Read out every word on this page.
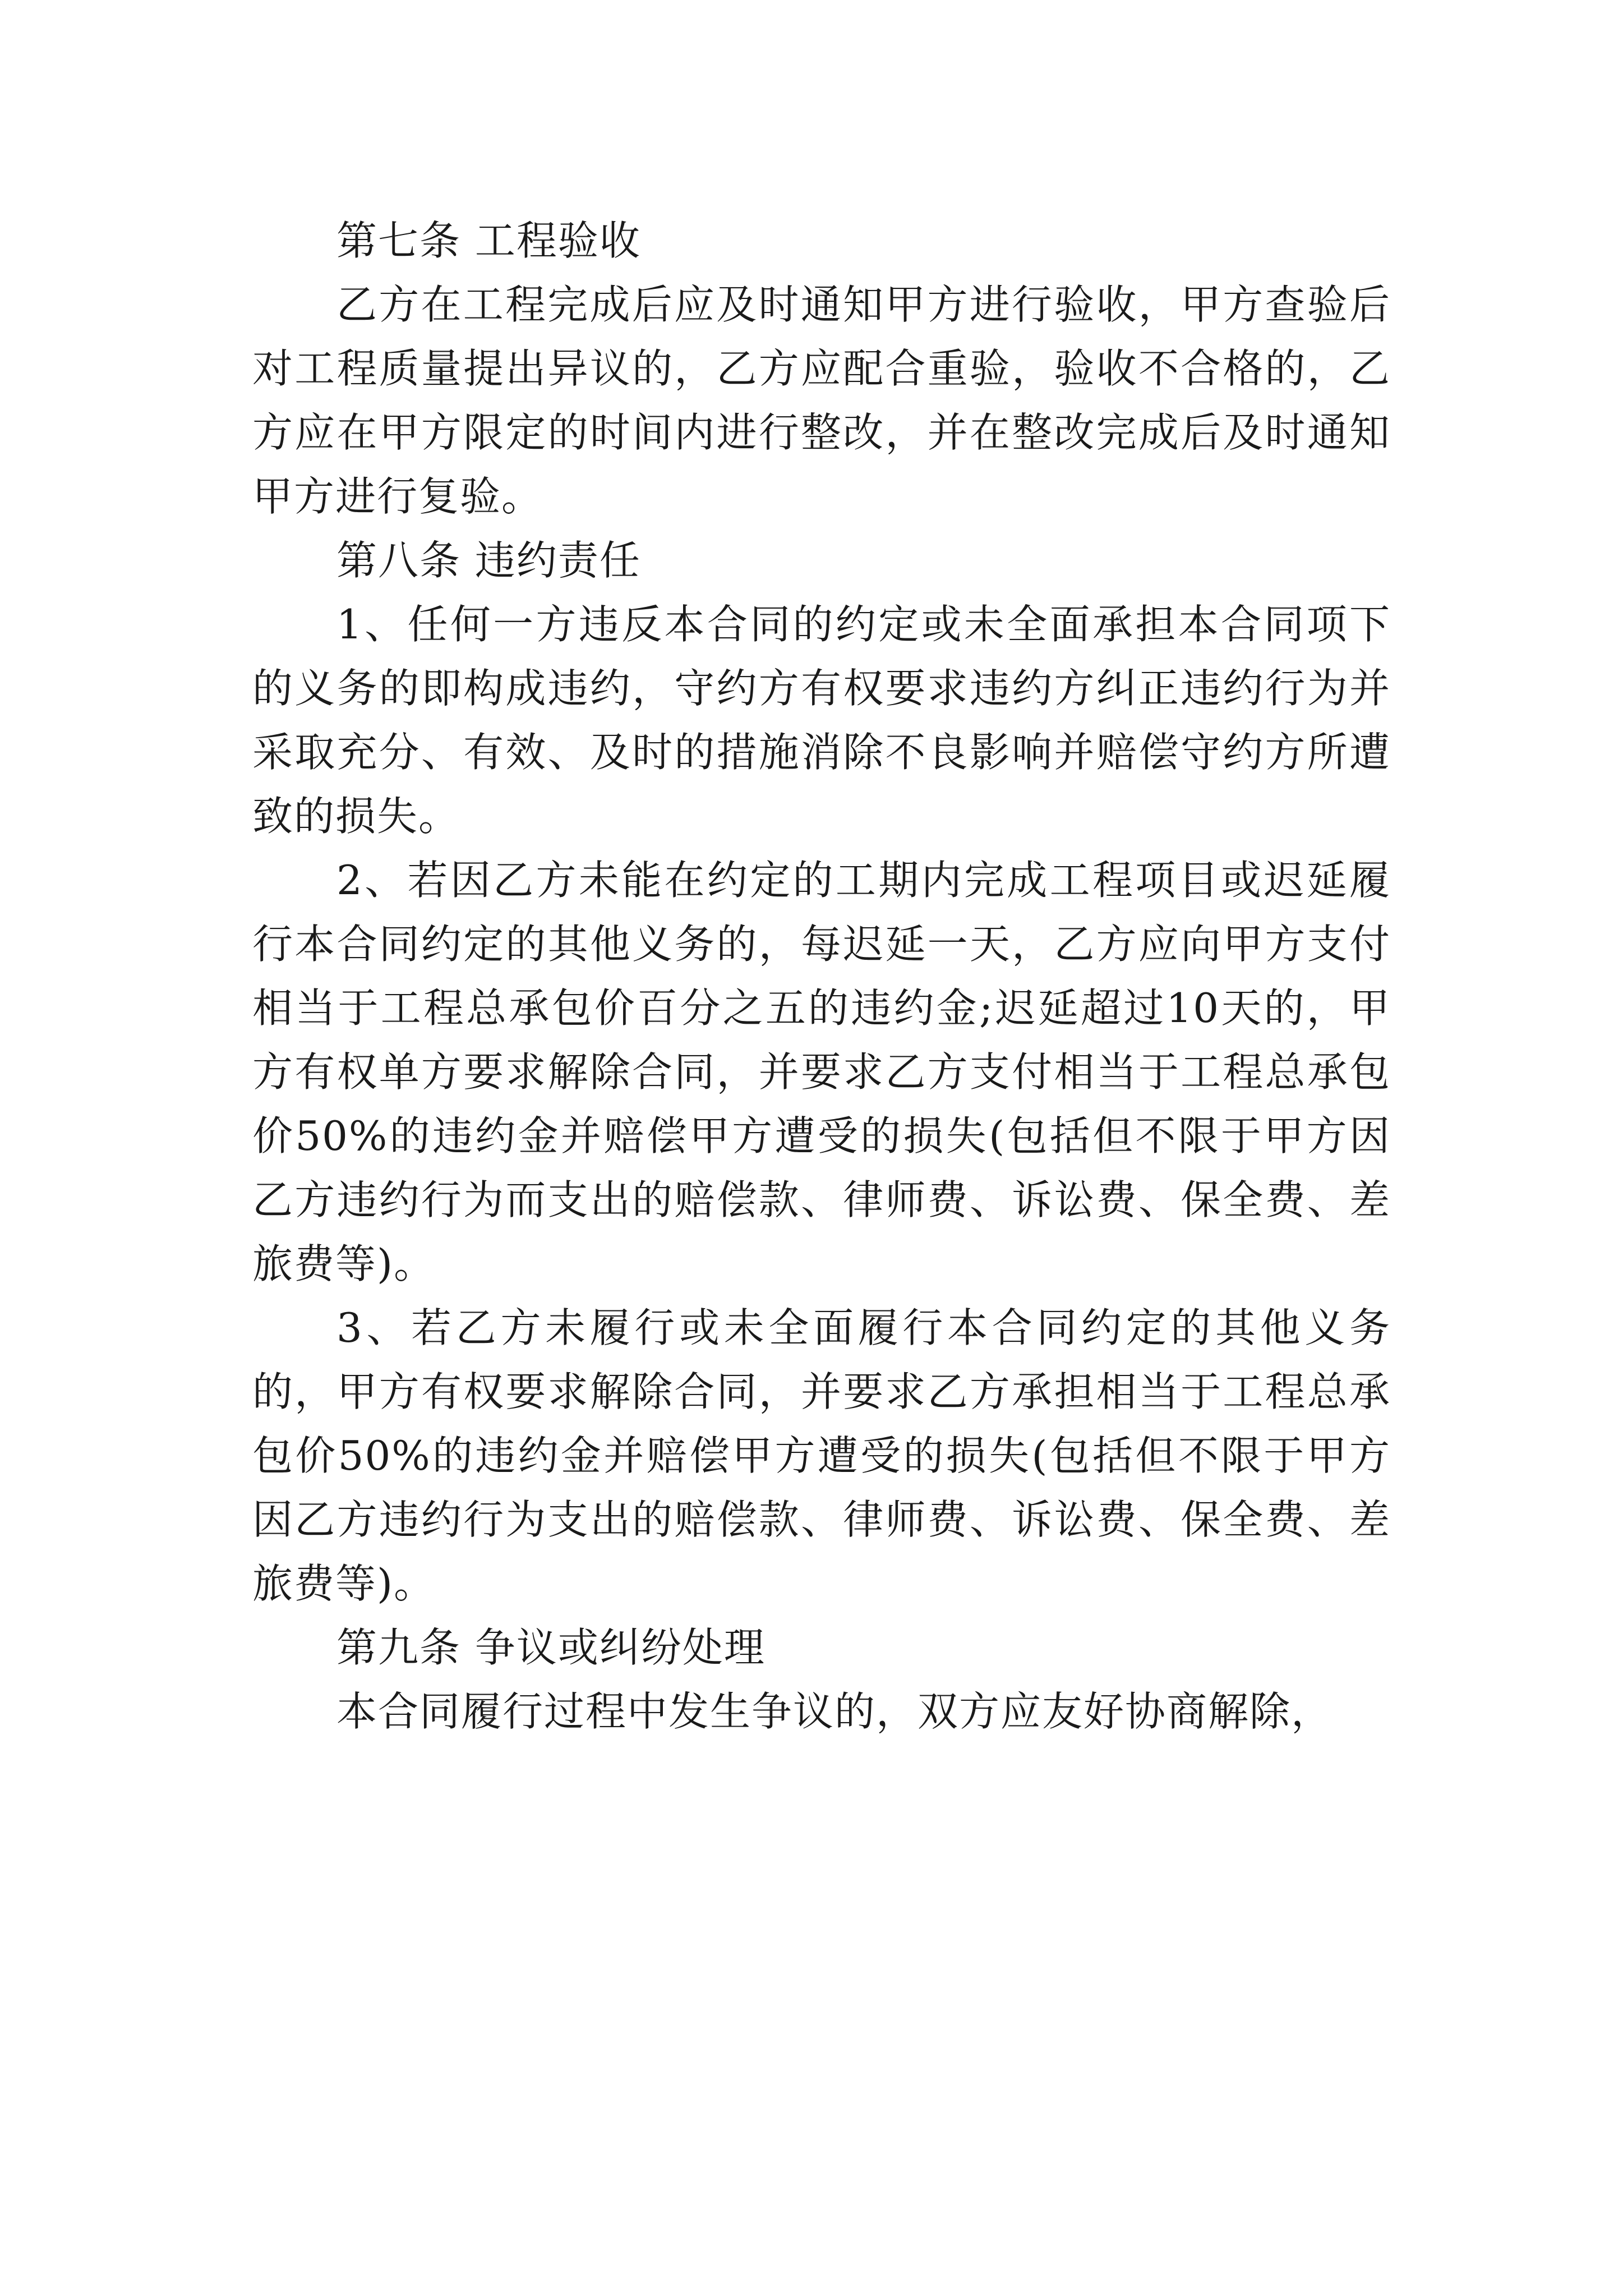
第七条 工程验收

乙方在工程完成后应及时通知甲方进行验收，甲方查验后对工程质量提出异议的，乙方应配合重验，验收不合格的，乙方应在甲方限定的时间内进行整改，并在整改完成后及时通知甲方进行复验。

第八条 违约责任

1、任何一方违反本合同的约定或未全面承担本合同项下的义务的即构成违约，守约方有权要求违约方纠正违约行为并采取充分、有效、及时的措施消除不良影响并赔偿守约方所遭致的损失。

2、若因乙方未能在约定的工期内完成工程项目或迟延履行本合同约定的其他义务的，每迟延一天，乙方应向甲方支付相当于工程总承包价百分之五的违约金;迟延超过10天的，甲方有权单方要求解除合同，并要求乙方支付相当于工程总承包价50%的违约金并赔偿甲方遭受的损失(包括但不限于甲方因乙方违约行为而支出的赔偿款、律师费、诉讼费、保全费、差旅费等)。

3、若乙方未履行或未全面履行本合同约定的其他义务的，甲方有权要求解除合同，并要求乙方承担相当于工程总承包价50%的违约金并赔偿甲方遭受的损失(包括但不限于甲方因乙方违约行为支出的赔偿款、律师费、诉讼费、保全费、差旅费等)。

第九条 争议或纠纷处理

本合同履行过程中发生争议的，双方应友好协商解除，
